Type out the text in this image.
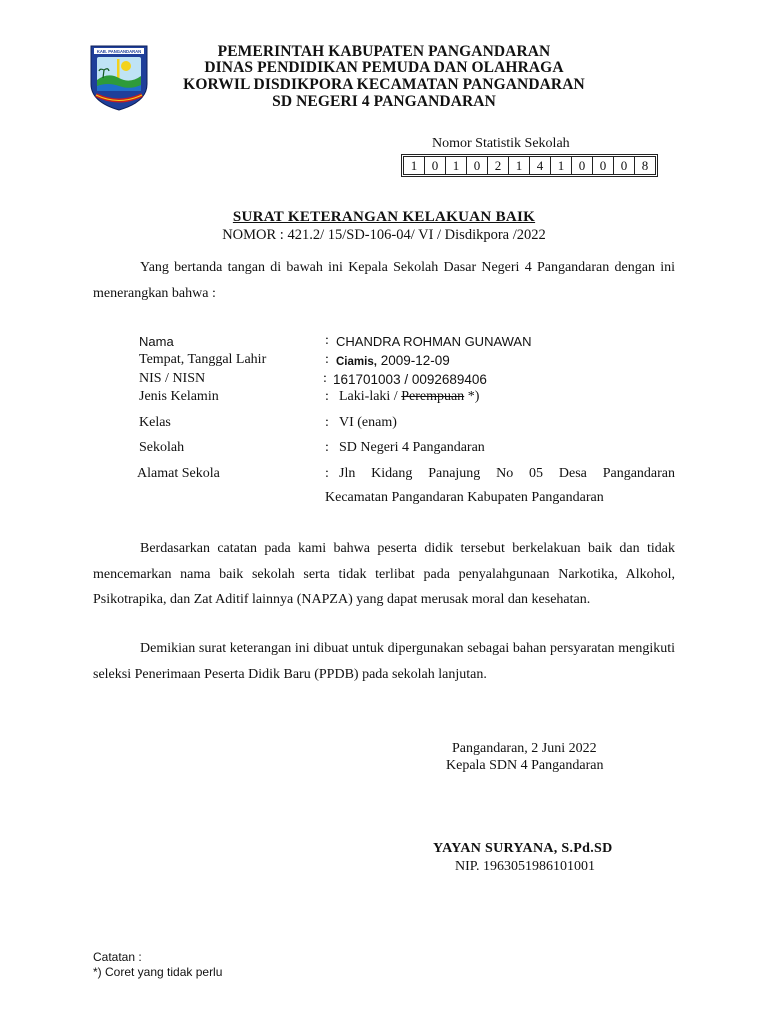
KAB. PANGANDARAN	PEMERINTAH KABUPATEN PANGANDARAN
DINAS PENDIDIKAN PEMUDA DAN OLAHRAGA
KORWIL DISDIKPORA KECAMATAN PANGANDARAN
SD NEGERI 4 PANGANDARAN
Nomor Statistik Sekolah
1	0	1	0	2	1	4	1	0	0	0	8
SURAT KETERANGAN KELAKUAN BAIK
NOMOR : 421.2/ 15/SD-106-04/ VI / Disdikpora /2022
Yang bertanda tangan di bawah ini Kepala Sekolah Dasar Negeri 4 Pangandaran dengan ini menerangkan bahwa :
Nama	: CHANDRA ROHMAN GUNAWAN
Tempat, Tanggal Lahir	: Ciamis, 2009-12-09
NIS / NISN	: 161701003 / 0092689406
Jenis Kelamin	: Laki-laki / Perempuan *)
Kelas	: VI (enam)
Sekolah	: SD Negeri 4 Pangandaran
Alamat Sekola	: Jln Kidang Panajung No 05 Desa Pangandaran
Kecamatan Pangandaran Kabupaten Pangandaran
Berdasarkan catatan pada kami bahwa peserta didik tersebut berkelakuan baik dan tidak mencemarkan nama baik sekolah serta tidak terlibat pada penyalahgunaan Narkotika, Alkohol, Psikotrapika, dan Zat Aditif lainnya (NAPZA) yang dapat merusak moral dan kesehatan.
Demikian surat keterangan ini dibuat untuk dipergunakan sebagai bahan persyaratan mengikuti seleksi Penerimaan Peserta Didik Baru (PPDB) pada sekolah lanjutan.
Pangandaran, 2 Juni 2022
Kepala SDN 4 Pangandaran
YAYAN SURYANA, S.Pd.SD
NIP. 1963051986101001
Catatan :
*) Coret yang tidak perlu
